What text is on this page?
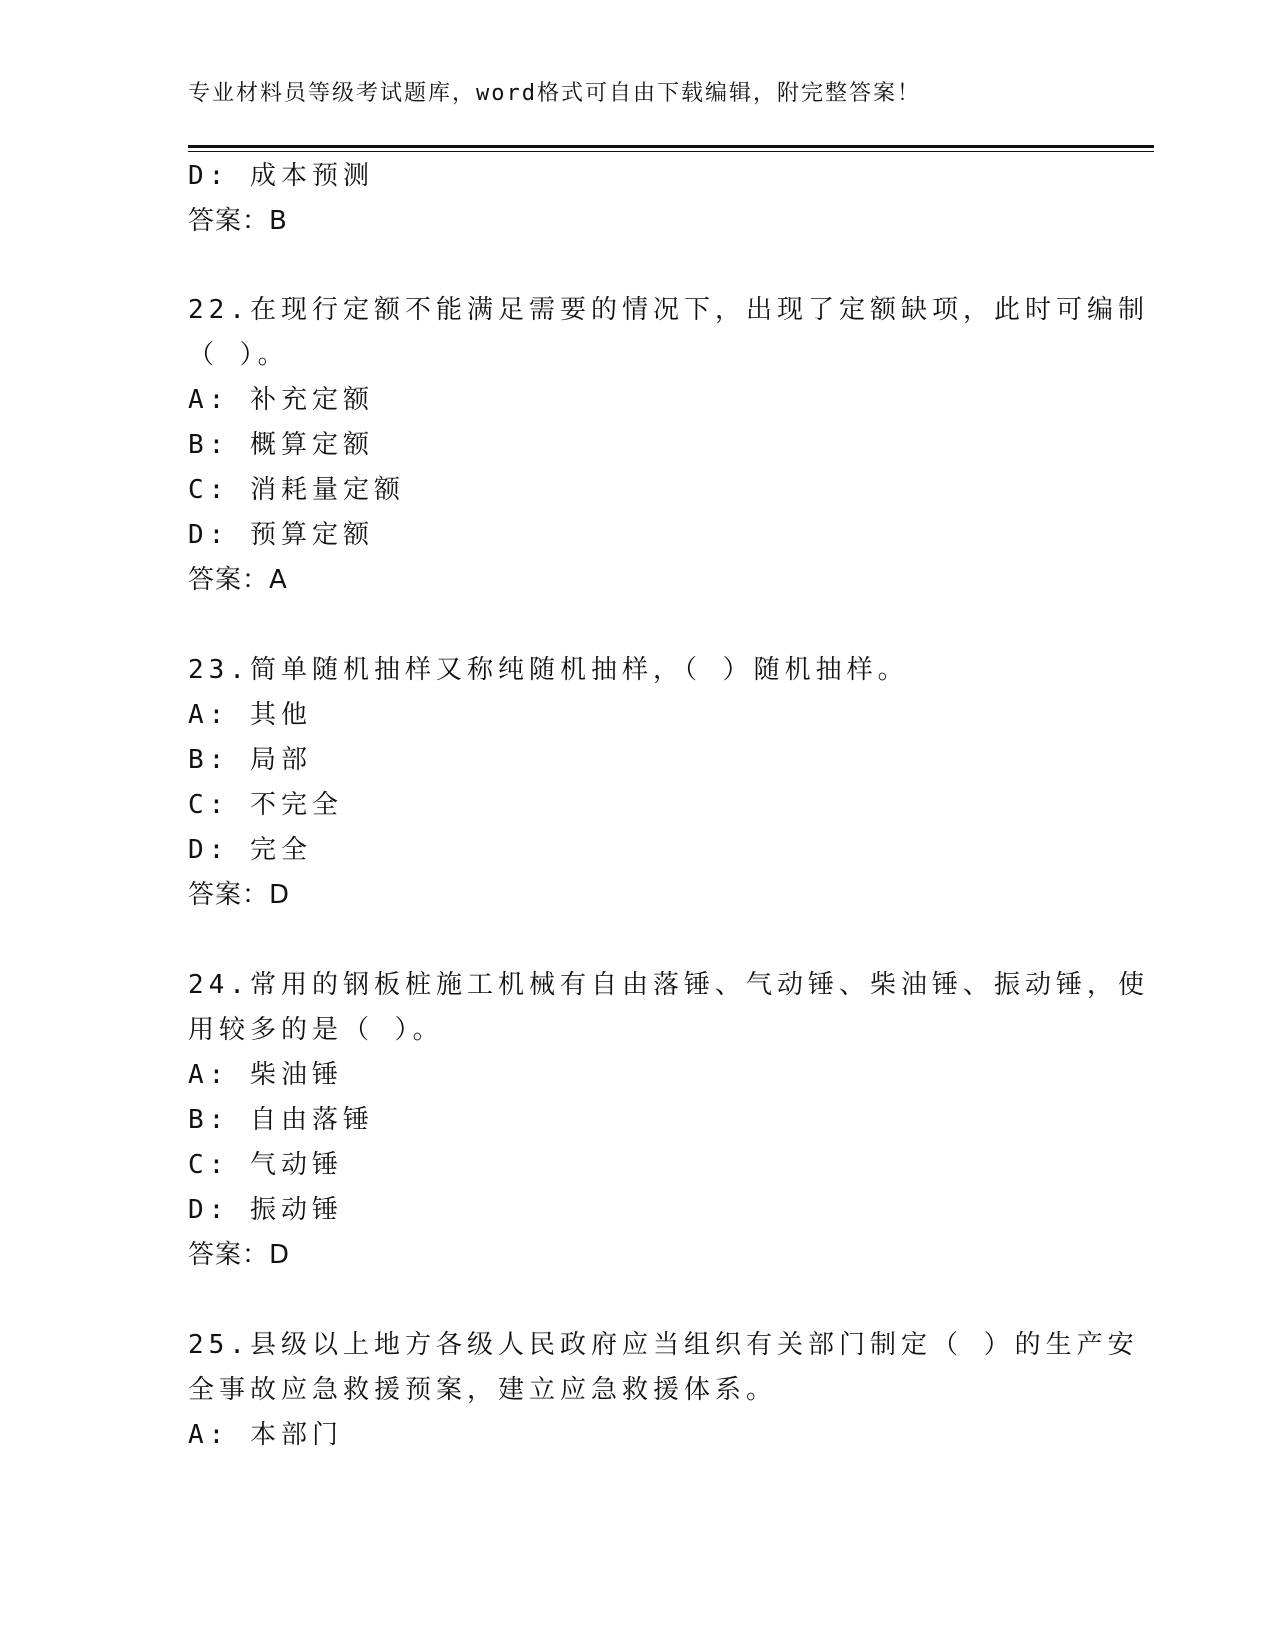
专业材料员等级考试题库，word格式可自由下载编辑，附完整答案！
D: 成本预测
答案：B
22.在现行定额不能满足需要的情况下，出现了定额缺项，此时可编制
（ ）。
A: 补充定额
B: 概算定额
C: 消耗量定额
D: 预算定额
答案：A
23.简单随机抽样又称纯随机抽样，（ ）随机抽样。
A: 其他
B: 局部
C: 不完全
D: 完全
答案：D
24.常用的钢板桩施工机械有自由落锤、气动锤、柴油锤、振动锤，使
用较多的是（ ）。
A: 柴油锤
B: 自由落锤
C: 气动锤
D: 振动锤
答案：D
25.县级以上地方各级人民政府应当组织有关部门制定（ ）的生产安
全事故应急救援预案，建立应急救援体系。
A: 本部门
